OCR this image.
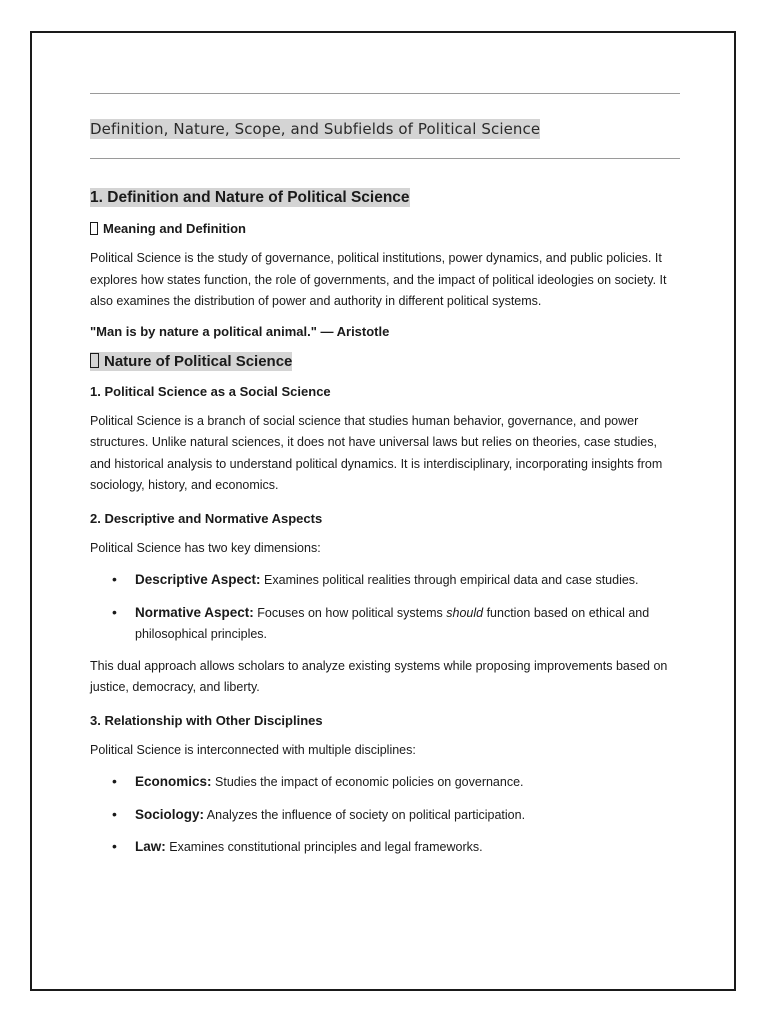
Definition, Nature, Scope, and Subfields of Political Science
1. Definition and Nature of Political Science
Meaning and Definition

Political Science is the study of governance, political institutions, power dynamics, and public policies. It explores how states function, the role of governments, and the impact of political ideologies on society. It also examines the distribution of power and authority in different political systems.

"Man is by nature a political animal." — Aristotle
Nature of Political Science
1. Political Science as a Social Science

Political Science is a branch of social science that studies human behavior, governance, and power structures. Unlike natural sciences, it does not have universal laws but relies on theories, case studies, and historical analysis to understand political dynamics. It is interdisciplinary, incorporating insights from sociology, history, and economics.

2. Descriptive and Normative Aspects

Political Science has two key dimensions:

• Descriptive Aspect: Examines political realities through empirical data and case studies.
• Normative Aspect: Focuses on how political systems should function based on ethical and philosophical principles.

This dual approach allows scholars to analyze existing systems while proposing improvements based on justice, democracy, and liberty.

3. Relationship with Other Disciplines

Political Science is interconnected with multiple disciplines:

• Economics: Studies the impact of economic policies on governance.
• Sociology: Analyzes the influence of society on political participation.
• Law: Examines constitutional principles and legal frameworks.
